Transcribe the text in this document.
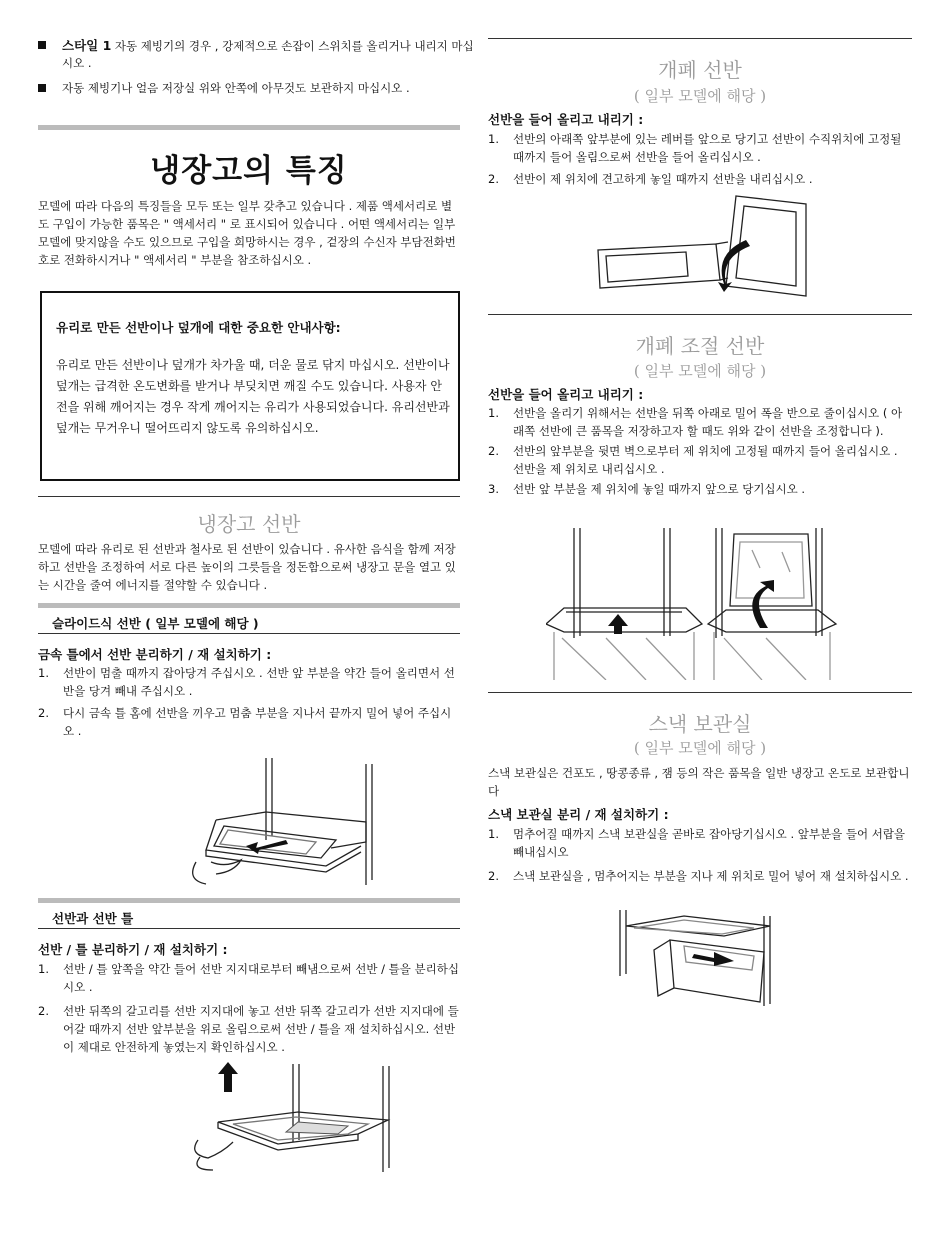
스타일 1 자동 제빙기의 경우 , 강제적으로 손잡이 스위치를 올리거나 내리지 마십시오 .
자동 제빙기나 얼음 저장실 위와 안쪽에 아무것도 보관하지 마십시오 .
냉장고의 특징
모델에 따라 다음의 특징들을 모두 또는 일부 갖추고 있습니다 . 제품 액세서리로 별도 구입이 가능한 품목은 " 액세서리 " 로 표시되어 있습니다 . 어떤 액세서리는 일부 모델에 맞지않을 수도 있으므로 구입을 희망하시는 경우 , 겉장의 수신자 부담전화번호로 전화하시거나 " 액세서리 " 부분을 참조하십시오 .
유리로 만든 선반이나 덮개에 대한 중요한 안내사항:
유리로 만든 선반이나 덮개가 차가울 때, 더운 물로 닦지 마십시오. 선반이나 덮개는 급격한 온도변화를 받거나 부딪치면 깨질 수도 있습니다. 사용자 안전을 위해 깨어지는 경우 작게 깨어지는 유리가 사용되었습니다. 유리선반과 덮개는 무거우니 떨어뜨리지 않도록 유의하십시오.
냉장고 선반
모델에 따라 유리로 된 선반과 철사로 된 선반이 있습니다 . 유사한 음식을 함께 저장하고 선반을 조정하여 서로 다른 높이의 그릇들을 정돈함으로써 냉장고 문을 열고 있는 시간을 줄여 에너지를 절약할 수 있습니다 .
슬라이드식 선반 ( 일부 모델에 해당 )
금속 틀에서 선반 분리하기 / 재 설치하기 :
1. 선반이 멈출 때까지 잡아당겨 주십시오 . 선반 앞 부분을 약간 들어 올리면서 선반을 당겨 빼내 주십시오 .
2. 다시 금속 틀 홈에 선반을 끼우고 멈춤 부분을 지나서 끝까지 밀어 넣어 주십시오 .
선반과 선반 틀
선반 / 틀 분리하기 / 재 설치하기 :
1. 선반 / 틀 앞쪽을 약간 들어 선반 지지대로부터 빼냄으로써 선반 / 틀을 분리하십시오 .
2. 선반 뒤쪽의 갈고리를 선반 지지대에 놓고 선반 뒤쪽 갈고리가 선반 지지대에 들어갈 때까지 선반 앞부분을 위로 올림으로써 선반 / 틀을 재 설치하십시오. 선반이 제대로 안전하게 놓였는지 확인하십시오 .
개폐 선반
( 일부 모델에 해당 )
선반을 들어 올리고 내리기 :
1. 선반의 아래쪽 앞부분에 있는 레버를 앞으로 당기고 선반이 수직위치에 고정될 때까지 들어 올림으로써 선반을 들어 올리십시오 .
2. 선반이 제 위치에 견고하게 놓일 때까지 선반을 내리십시오 .
개폐 조절 선반
( 일부 모델에 해당 )
선반을 들어 올리고 내리기 :
1. 선반을 올리기 위해서는 선반을 뒤쪽 아래로 밀어 폭을 반으로 줄이십시오 ( 아래쪽 선반에 큰 품목을 저장하고자 할 때도 위와 같이 선반을 조정합니다 ).
2. 선반의 앞부분을 뒷면 벽으로부터 제 위치에 고정될 때까지 들어 올리십시오 . 선반을 제 위치로 내리십시오 .
3. 선반 앞 부분을 제 위치에 놓일 때까지 앞으로 당기십시오 .
스낵 보관실
( 일부 모델에 해당 )
스낵 보관실은 건포도 , 땅콩종류 , 잼 등의 작은 품목을 일반 냉장고 온도로 보관합니다
스낵 보관실 분리 / 재 설치하기 :
1. 멈추어질 때까지 스낵 보관실을 곧바로 잡아당기십시오 . 앞부분을 들어 서랍을 빼내십시오
2. 스낵 보관실을 , 멈추어지는 부분을 지나 제 위치로 밀어 넣어 재 설치하십시오 .
